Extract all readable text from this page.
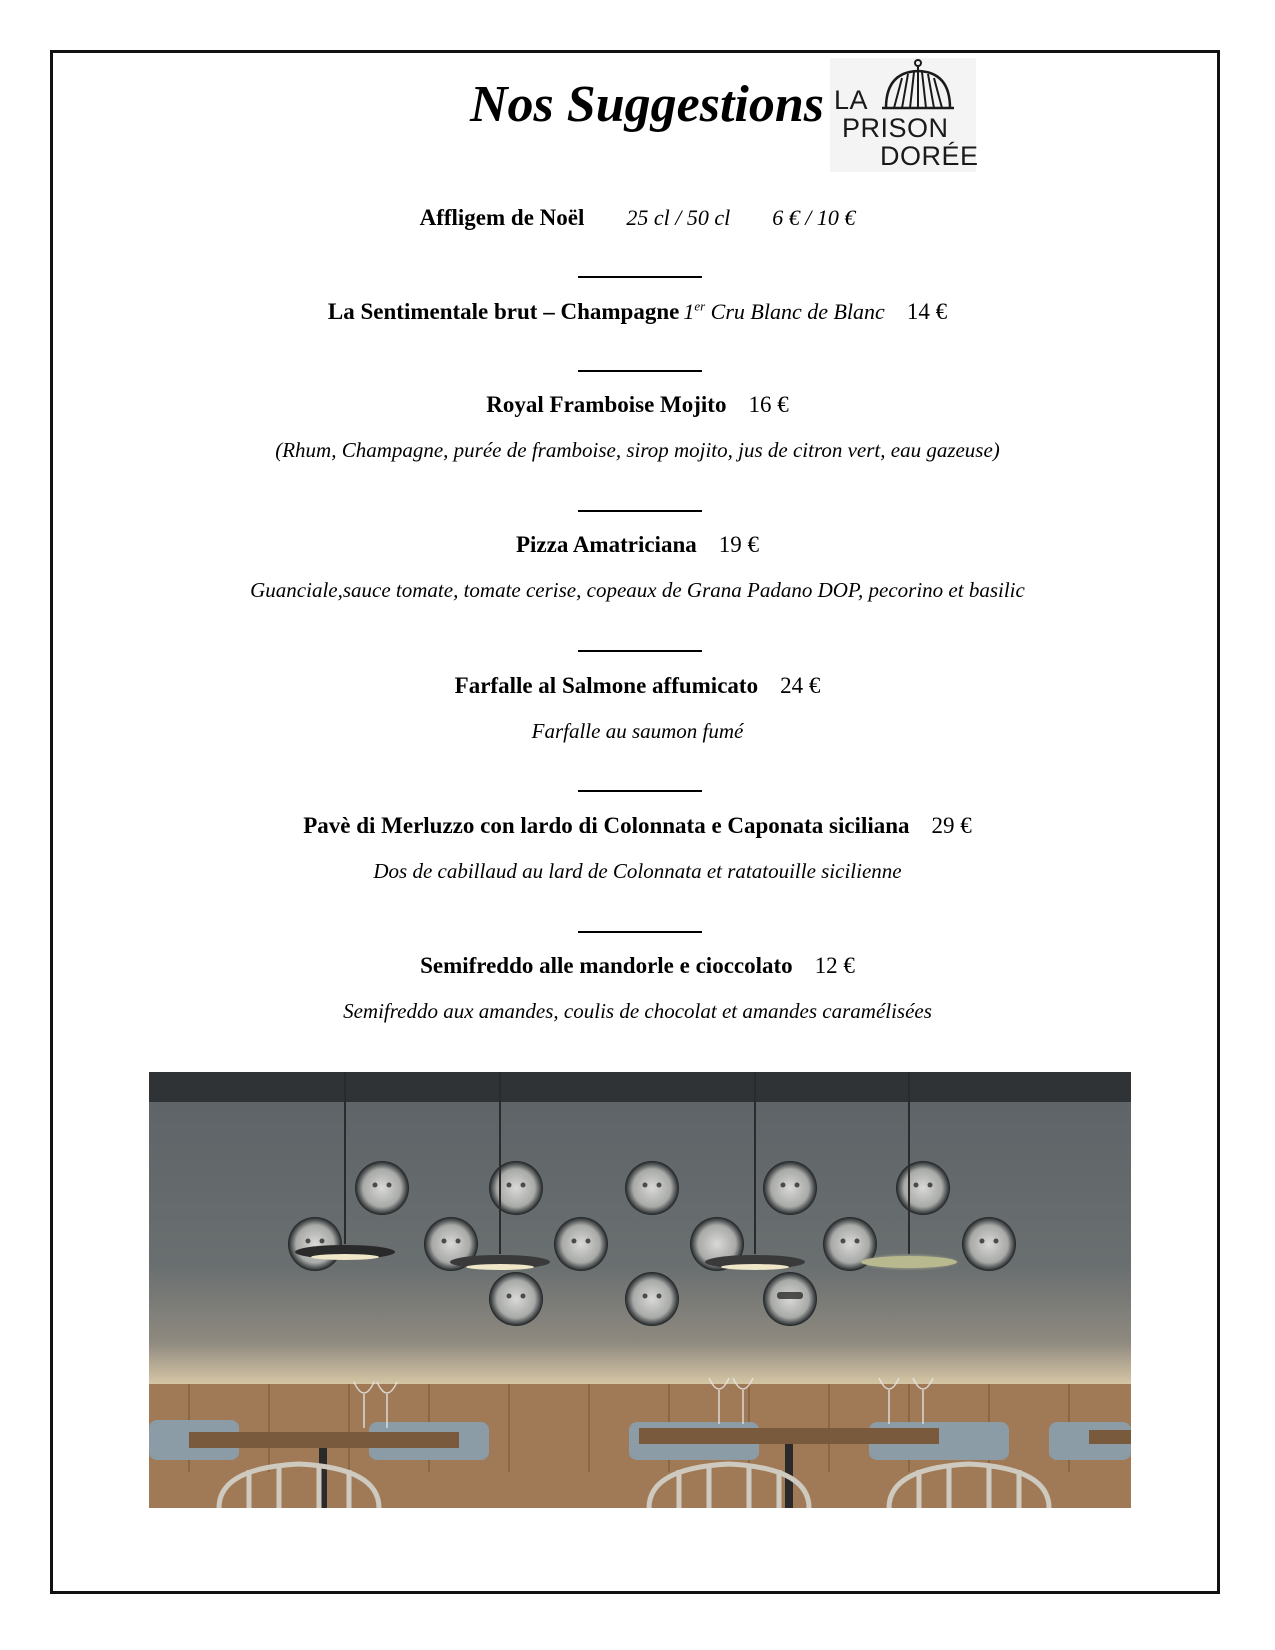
Nos Suggestions LA
PRISON
DORÉE
Affligem de Noël 25 cl / 50 cl 6 € / 10 €
La Sentimentale brut – Champagne 1er Cru Blanc de Blanc 14 €
Royal Framboise Mojito 16 €
(Rhum, Champagne, purée de framboise, sirop mojito, jus de citron vert, eau gazeuse)
Pizza Amatriciana 19 €
Guanciale,sauce tomate, tomate cerise, copeaux de Grana Padano DOP, pecorino et basilic
Farfalle al Salmone affumicato 24 €
Farfalle au saumon fumé
Pavè di Merluzzo con lardo di Colonnata e Caponata siciliana 29 €
Dos de cabillaud au lard de Colonnata et ratatouille sicilienne
Semifreddo alle mandorle e cioccolato 12 €
Semifreddo aux amandes, coulis de chocolat et amandes caramélisées
